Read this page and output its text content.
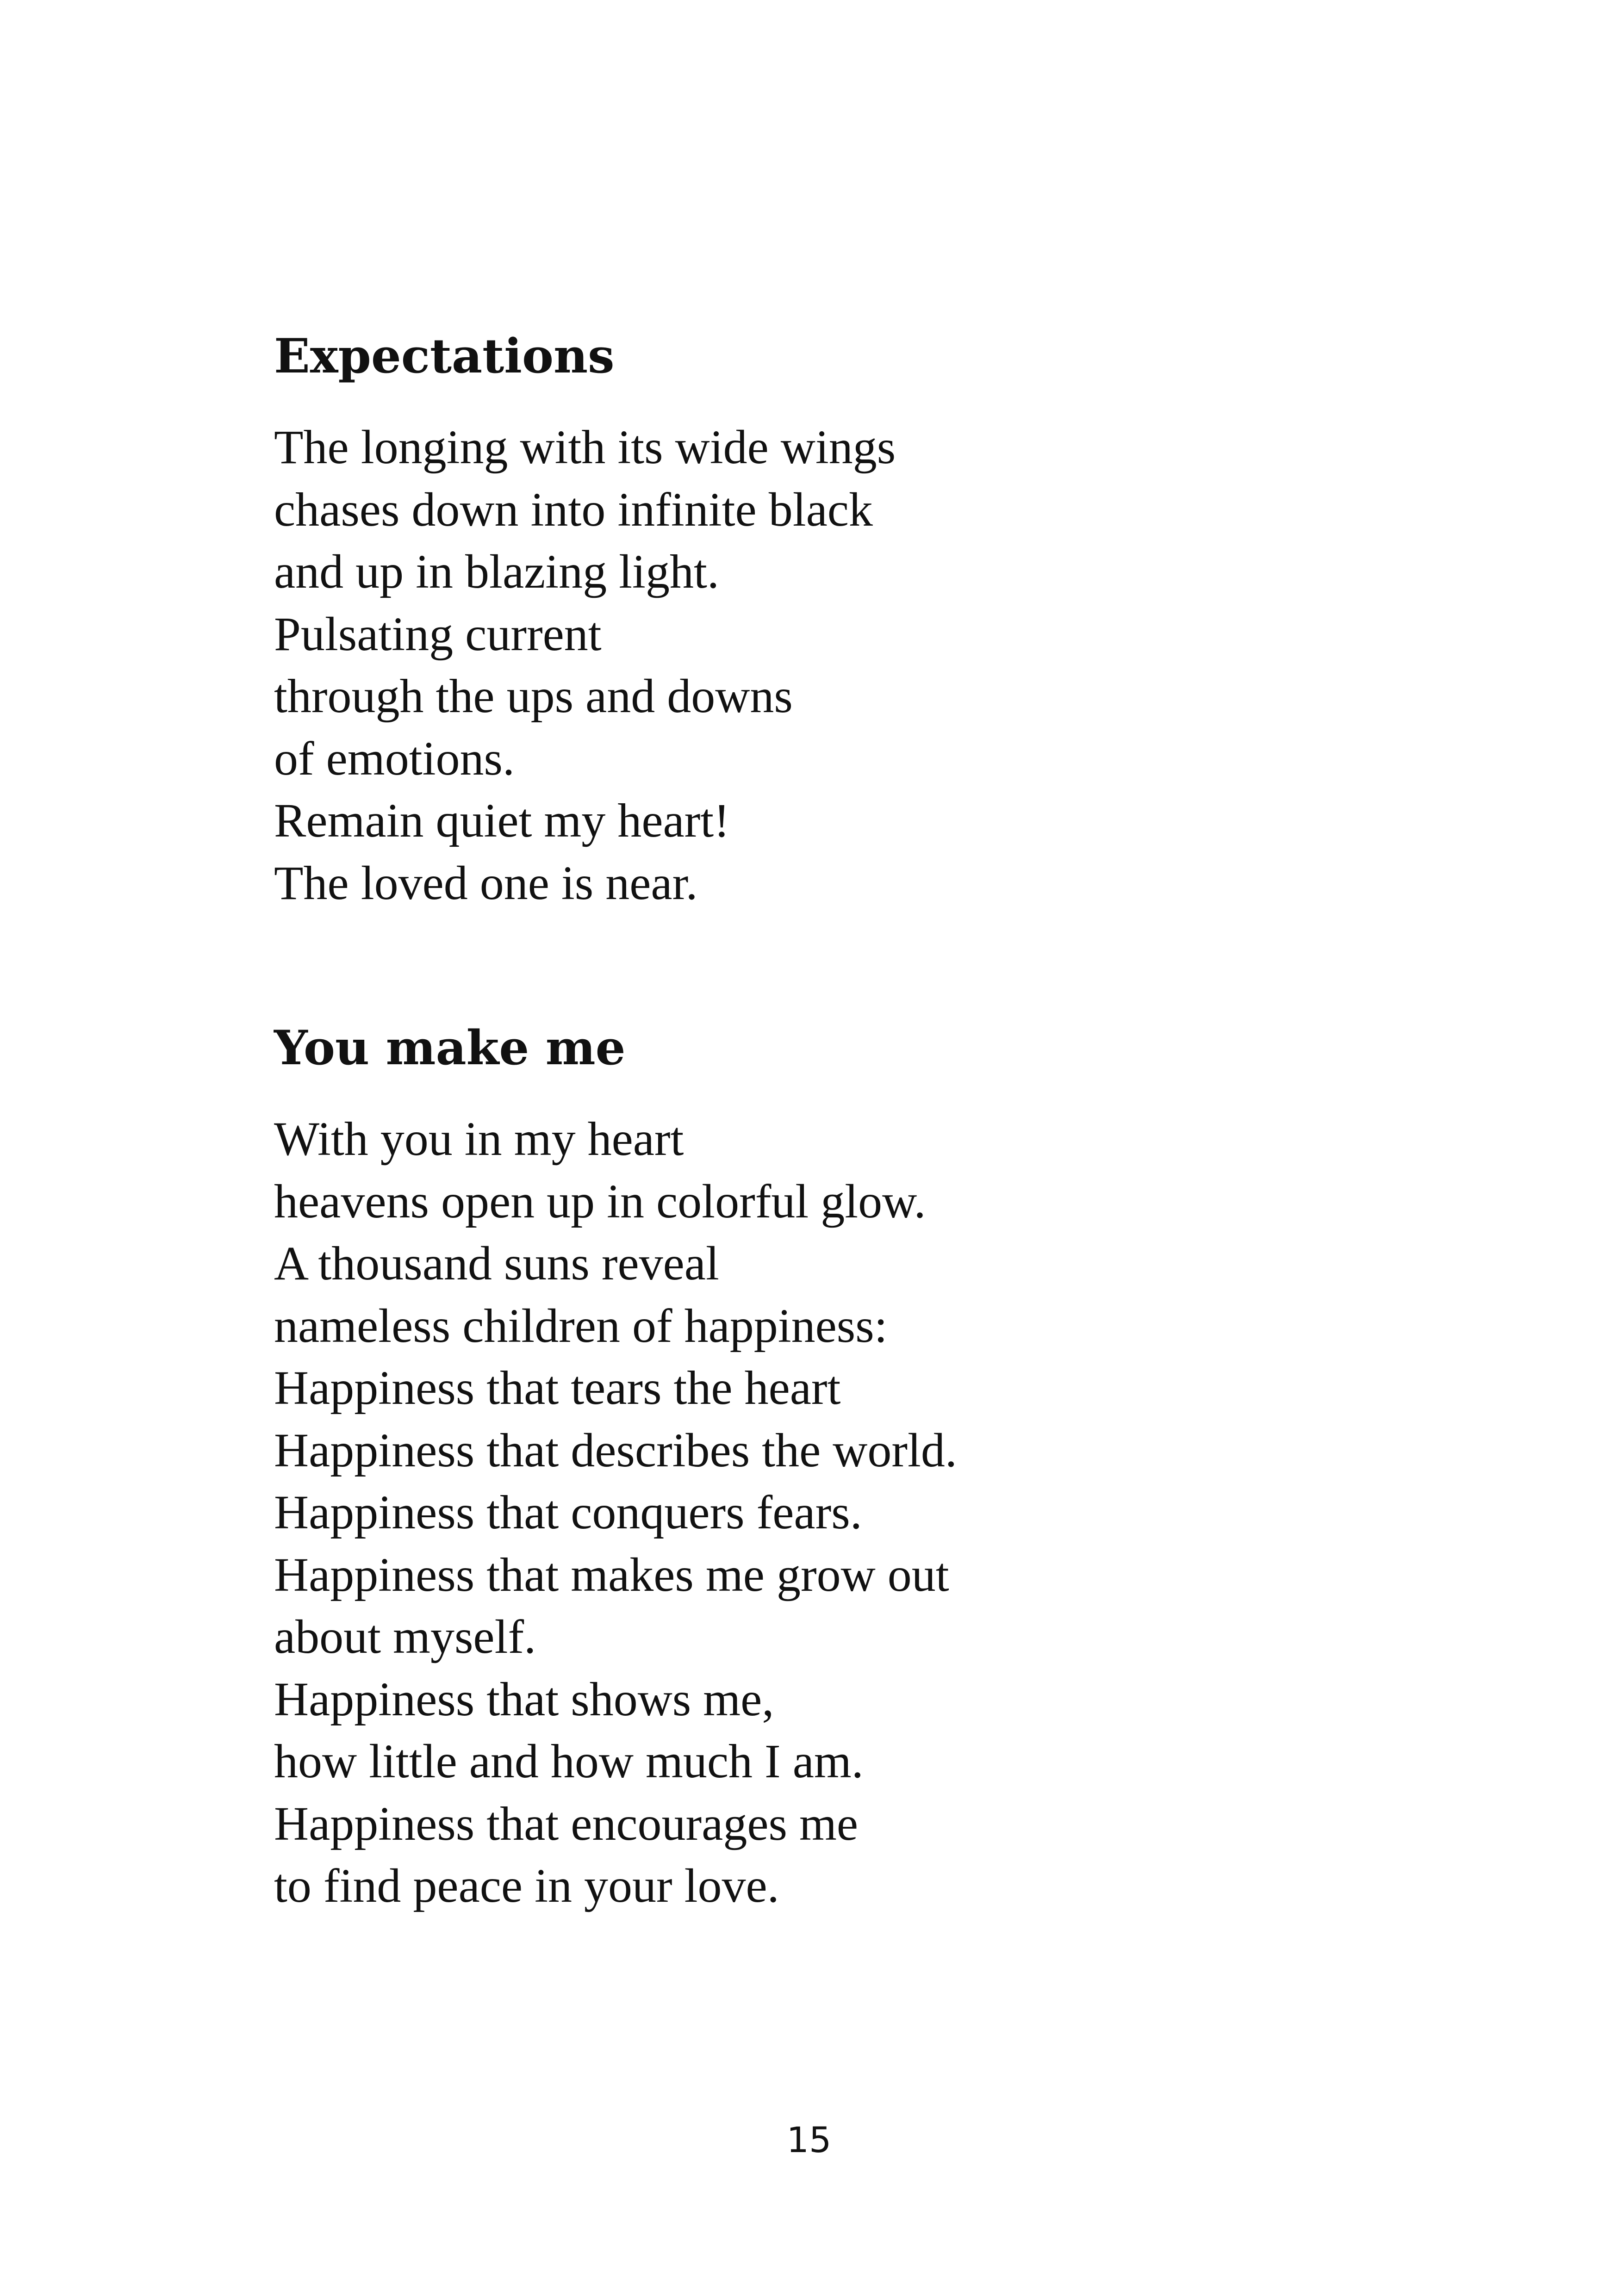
Expectations
The longing with its wide wings
chases down into infinite black
and up in blazing light.
Pulsating current
through the ups and downs
of emotions.
Remain quiet my heart!
The loved one is near.
You make me
With you in my heart
heavens open up in colorful glow.
A thousand suns reveal
nameless children of happiness:
Happiness that tears the heart
Happiness that describes the world.
Happiness that conquers fears.
Happiness that makes me grow out
about myself.
Happiness that shows me,
how little and how much I am.
Happiness that encourages me
to find peace in your love.
15
